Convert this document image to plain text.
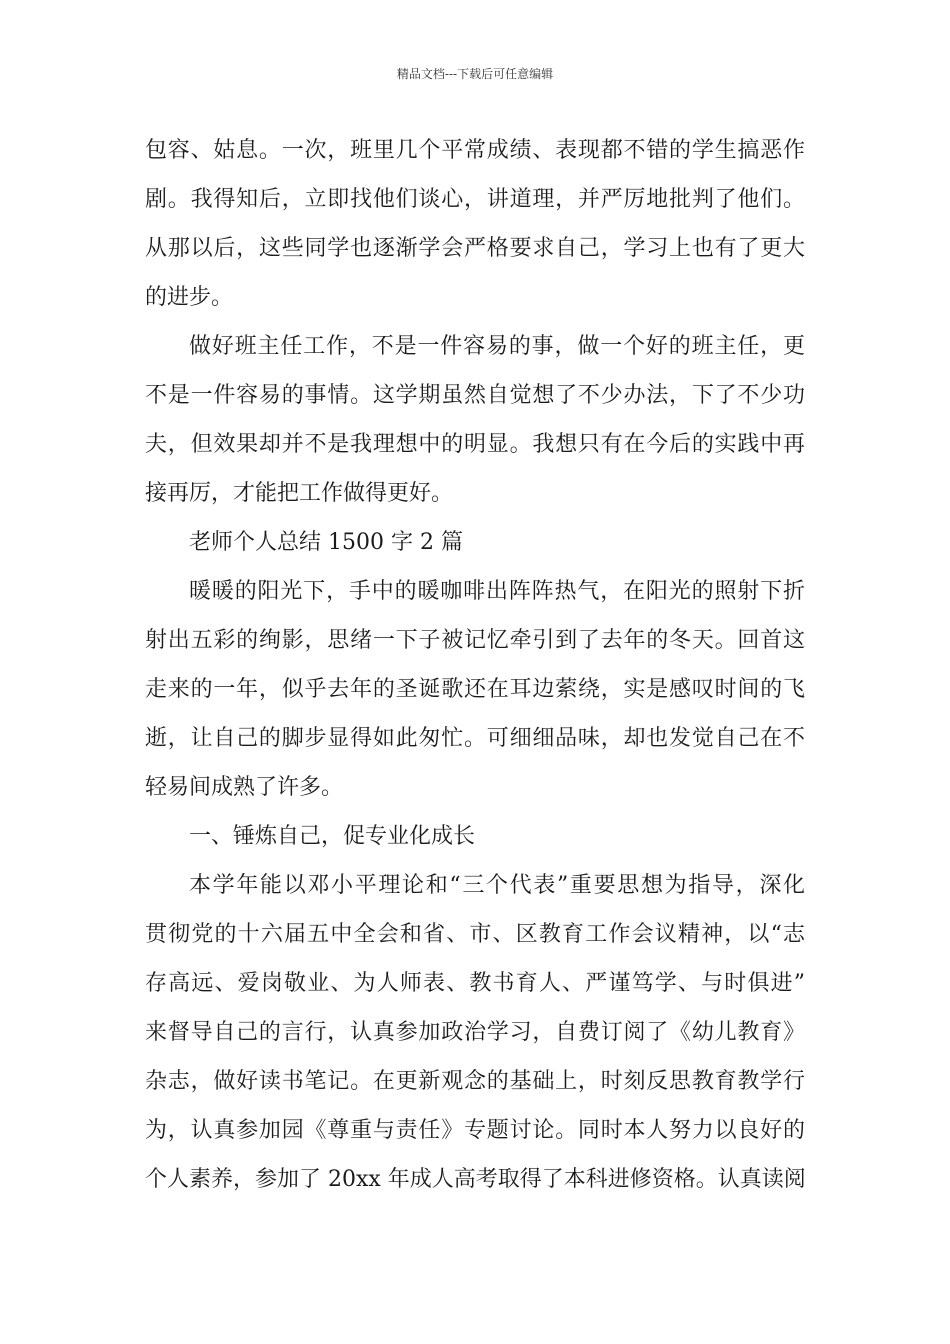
精品文档---下载后可任意编辑

包容、姑息。一次，班里几个平常成绩、表现都不错的学生搞恶作
剧。我得知后，立即找他们谈心，讲道理，并严厉地批判了他们。
从那以后，这些同学也逐渐学会严格要求自己，学习上也有了更大
的进步。

做好班主任工作，不是一件容易的事，做一个好的班主任，更
不是一件容易的事情。这学期虽然自觉想了不少办法，下了不少功
夫，但效果却并不是我理想中的明显。我想只有在今后的实践中再
接再厉，才能把工作做得更好。

老师个人总结 1500 字 2 篇

暖暖的阳光下，手中的暖咖啡出阵阵热气，在阳光的照射下折
射出五彩的绚影，思绪一下子被记忆牵引到了去年的冬天。回首这
走来的一年，似乎去年的圣诞歌还在耳边萦绕，实是感叹时间的飞
逝，让自己的脚步显得如此匆忙。可细细品味，却也发觉自己在不
轻易间成熟了许多。

一、锤炼自己，促专业化成长

本学年能以邓小平理论和“三个代表”重要思想为指导，深化
贯彻党的十六届五中全会和省、市、区教育工作会议精神，以“志
存高远、爱岗敬业、为人师表、教书育人、严谨笃学、与时俱进”
来督导自己的言行，认真参加政治学习，自费订阅了《幼儿教育》
杂志，做好读书笔记。在更新观念的基础上，时刻反思教育教学行
为，认真参加园《尊重与责任》专题讨论。同时本人努力以良好的
个人素养，参加了 20xx 年成人高考取得了本科进修资格。认真读阅
